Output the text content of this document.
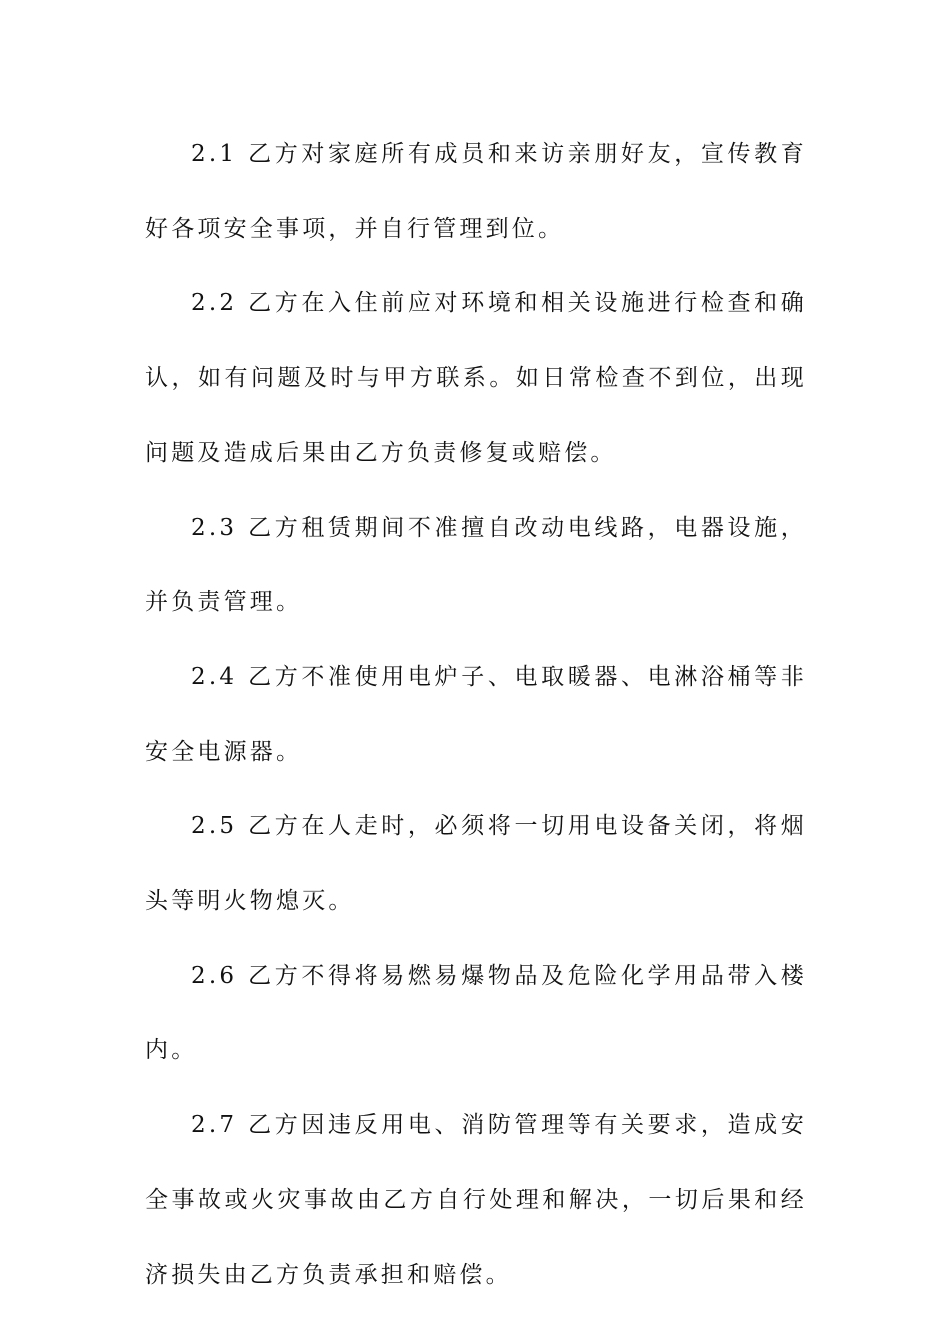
2.1 乙方对家庭所有成员和来访亲朋好友，宣传教育好各项安全事项，并自行管理到位。

2.2 乙方在入住前应对环境和相关设施进行检查和确认，如有问题及时与甲方联系。如日常检查不到位，出现问题及造成后果由乙方负责修复或赔偿。

2.3 乙方租赁期间不准擅自改动电线路，电器设施，并负责管理。

2.4 乙方不准使用电炉子、电取暖器、电淋浴桶等非安全电源器。

2.5 乙方在人走时，必须将一切用电设备关闭，将烟头等明火物熄灭。

2.6 乙方不得将易燃易爆物品及危险化学用品带入楼内。

2.7 乙方因违反用电、消防管理等有关要求，造成安全事故或火灾事故由乙方自行处理和解决，一切后果和经济损失由乙方负责承担和赔偿。
